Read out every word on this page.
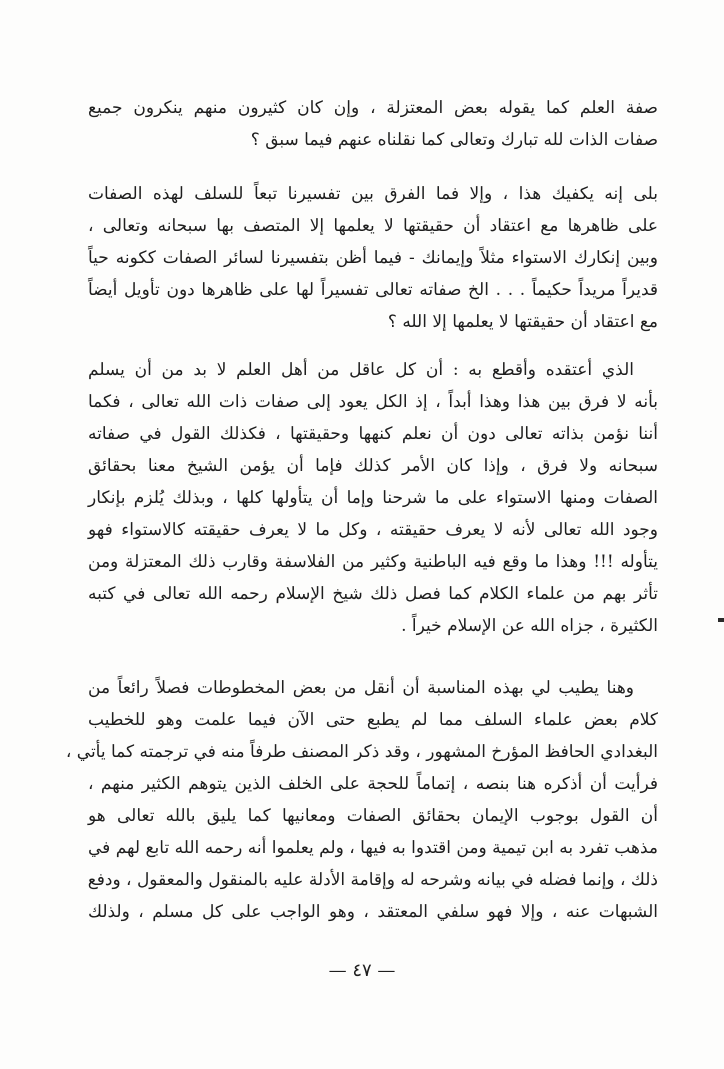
صفة العلم كما يقوله بعض المعتزلة ، وإن كان كثيرون منهم ينكرون جميع
صفات الذات لله تبارك وتعالى كما نقلناه عنهم فيما سبق ؟
بلى إنه يكفيك هذا ، وإلا فما الفرق بين تفسيرنا تبعاً للسلف لهذه الصفات
على ظاهرها مع اعتقاد أن حقيقتها لا يعلمها إلا المتصف بها سبحانه وتعالى ،
وبين إنكارك الاستواء مثلاً وإيمانك - فيما أظن بتفسيرنا لسائر الصفات ككونه حياً
قديراً مريداً حكيماً . . . الخ صفاته تعالى تفسيراً لها على ظاهرها دون تأويل أيضاً
مع اعتقاد أن حقيقتها لا يعلمها إلا الله ؟
الذي أعتقده وأقطع به : أن كل عاقل من أهل العلم لا بد من أن يسلم
بأنه لا فرق بين هذا وهذا أبداً ، إذ الكل يعود إلى صفات ذات الله تعالى ، فكما
أننا نؤمن بذاته تعالى دون أن نعلم كنهها وحقيقتها ، فكذلك القول في صفاته
سبحانه ولا فرق ، وإذا كان الأمر كذلك فإما أن يؤمن الشيخ معنا بحقائق
الصفات ومنها الاستواء على ما شرحنا وإما أن يتأولها كلها ، وبذلك يُلزم بإنكار
وجود الله تعالى لأنه لا يعرف حقيقته ، وكل ما لا يعرف حقيقته كالاستواء فهو
يتأوله !!! وهذا ما وقع فيه الباطنية وكثير من الفلاسفة وقارب ذلك المعتزلة ومن
تأثر بهم من علماء الكلام كما فصل ذلك شيخ الإسلام رحمه الله تعالى في كتبه
الكثيرة ، جزاه الله عن الإسلام خيراً .
وهنا يطيب لي بهذه المناسبة أن أنقل من بعض المخطوطات فصلاً رائعاً من
كلام بعض علماء السلف مما لم يطبع حتى الآن فيما علمت وهو للخطيب
البغدادي الحافظ المؤرخ المشهور ، وقد ذكر المصنف طرفاً منه في ترجمته كما يأتي ،
فرأيت أن أذكره هنا بنصه ، إتماماً للحجة على الخلف الذين يتوهم الكثير منهم ،
أن القول بوجوب الإيمان بحقائق الصفات ومعانيها كما يليق بالله تعالى هو
مذهب تفرد به ابن تيمية ومن اقتدوا به فيها ، ولم يعلموا أنه رحمه الله تابع لهم في
ذلك ، وإنما فضله في بيانه وشرحه له وإقامة الأدلة عليه بالمنقول والمعقول ، ودفع
الشبهات عنه ، وإلا فهو سلفي المعتقد ، وهو الواجب على كل مسلم ، ولذلك
— ٤٧ —
